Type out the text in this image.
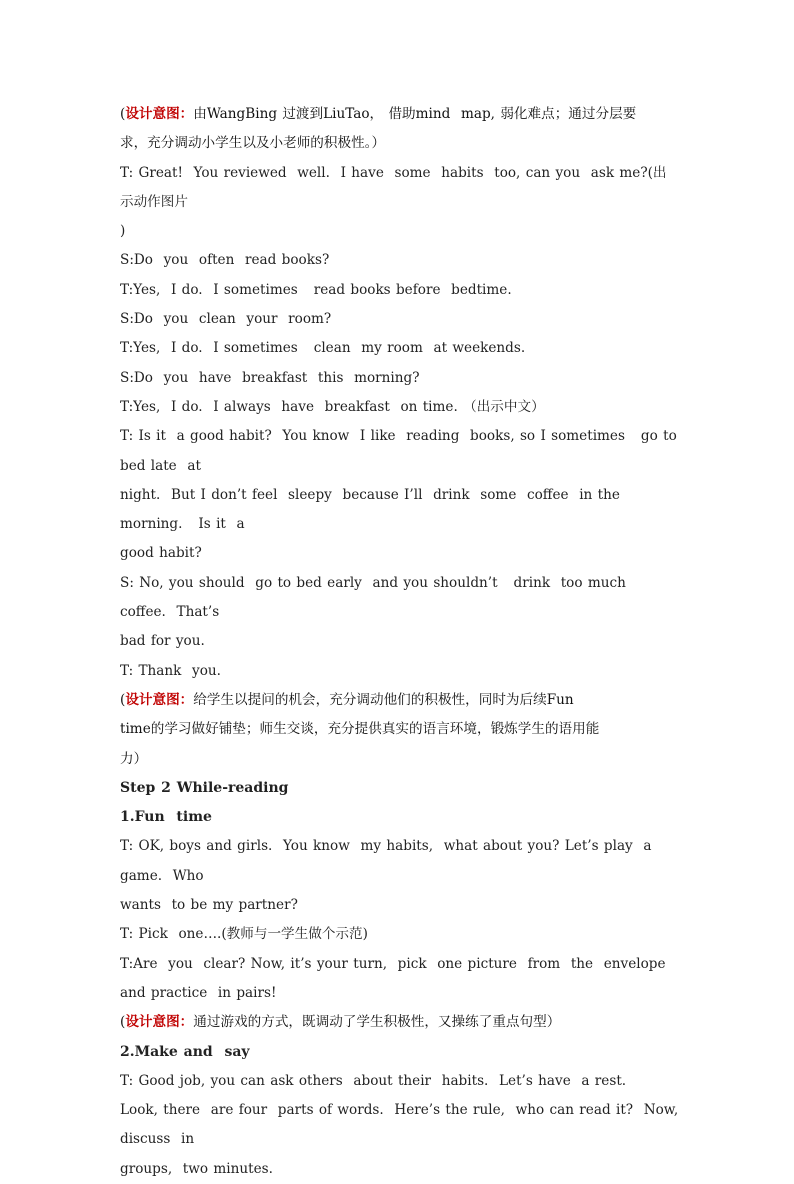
(设计意图：由WangBing 过渡到LiuTao， 借助mind  map, 弱化难点；通过分层要
求，充分调动小学生以及小老师的积极性。）
T: Great!  You reviewed  well.  I have  some  habits  too, can you  ask me?(出示动作图片
)
S:Do  you  often  read books?
T:Yes,  I do.  I sometimes   read books before  bedtime.
S:Do  you  clean  your  room?
T:Yes,  I do.  I sometimes   clean  my room  at weekends.
S:Do  you  have  breakfast  this  morning?
T:Yes,  I do.  I always  have  breakfast  on time. （出示中文）
T: Is it  a good habit?  You know  I like  reading  books, so I sometimes   go to bed late  at
night.  But I don’t feel  sleepy  because I’ll  drink  some  coffee  in the morning.   Is it  a
good habit?
S: No, you should  go to bed early  and you shouldn’t   drink  too much  coffee.  That’s
bad for you.
T: Thank  you.
(设计意图：给学生以提问的机会，充分调动他们的积极性，同时为后续Fun
time的学习做好铺垫；师生交谈，充分提供真实的语言环境，锻炼学生的语用能
力）
Step 2 While-reading
1.Fun  time
T: OK, boys and girls.  You know  my habits,  what about you? Let’s play  a game.  Who
wants  to be my partner?
T: Pick  one….(教师与一学生做个示范)
T:Are  you  clear? Now, it’s your turn,  pick  one picture  from  the  envelope
and practice  in pairs!
(设计意图：通过游戏的方式，既调动了学生积极性，又操练了重点句型）
2.Make and  say
T: Good job, you can ask others  about their  habits.  Let’s have  a rest.
Look, there  are four  parts of words.  Here’s the rule,  who can read it?  Now, discuss  in
groups,  two minutes.
